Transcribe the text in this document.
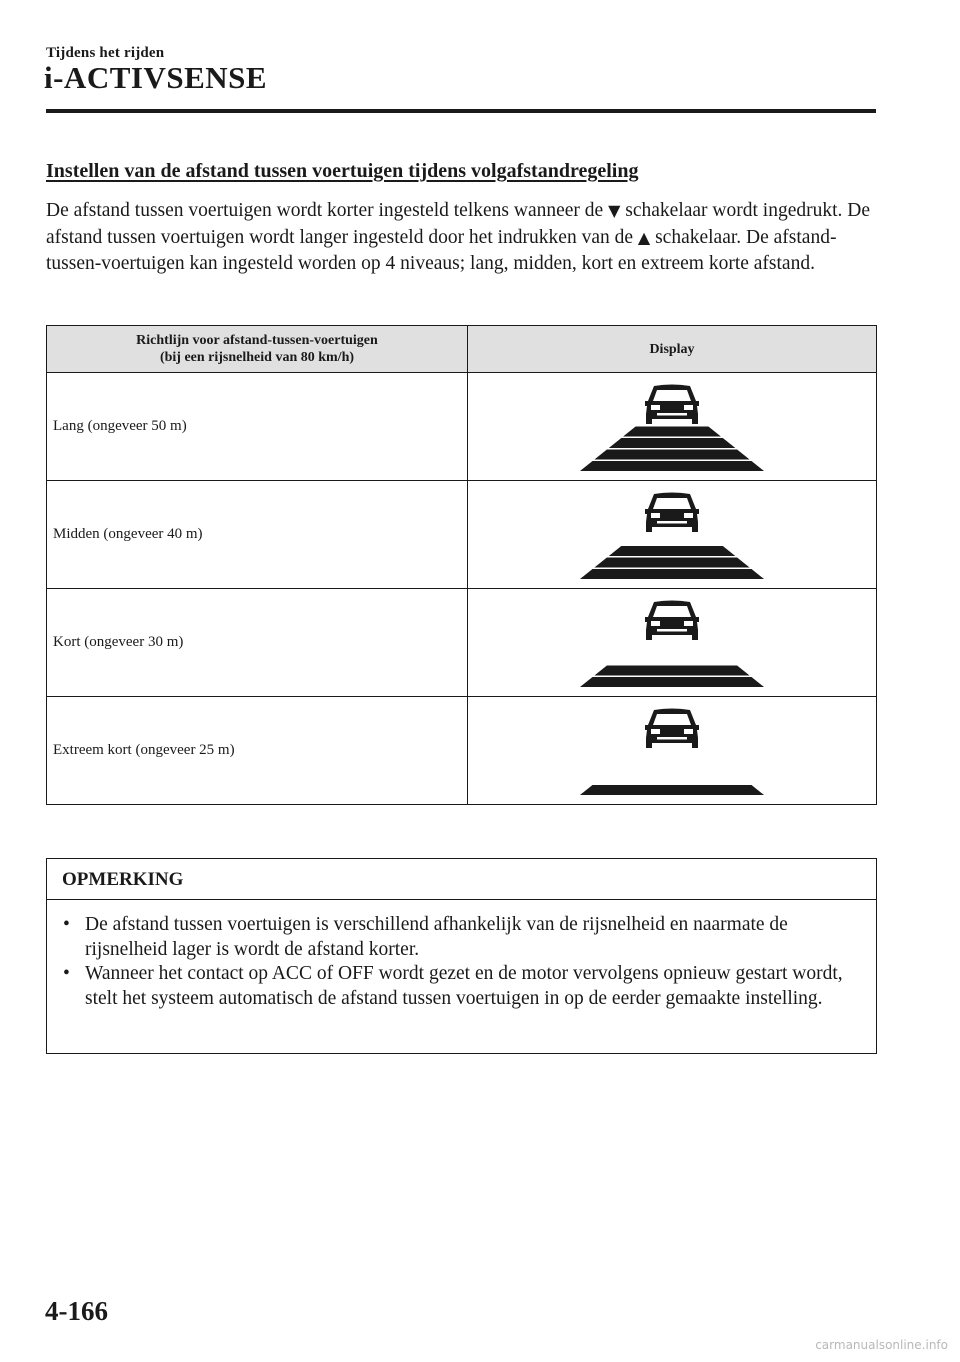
Tijdens het rijden
i-ACTIVSENSE
Instellen van de afstand tussen voertuigen tijdens volgafstandregeling
De afstand tussen voertuigen wordt korter ingesteld telkens wanneer de ▼ schakelaar wordt ingedrukt. De afstand tussen voertuigen wordt langer ingesteld door het indrukken van de ▲ schakelaar. De afstand-tussen-voertuigen kan ingesteld worden op 4 niveaus; lang, midden, kort en extreem korte afstand.
Richtlijn voor afstand-tussen-voertuigen
(bij een rijsnelheid van 80 km/h)	Display
Lang (ongeveer 50 m)	

Midden (ongeveer 40 m)	

Kort (ongeveer 30 m)	

Extreem kort (ongeveer 25 m)	
OPMERKING
• De afstand tussen voertuigen is verschillend afhankelijk van de rijsnelheid en naarmate de rijsnelheid lager is wordt de afstand korter.
• Wanneer het contact op ACC of OFF wordt gezet en de motor vervolgens opnieuw gestart wordt, stelt het systeem automatisch de afstand tussen voertuigen in op de eerder gemaakte instelling.
4-166
carmanualsonline.info
